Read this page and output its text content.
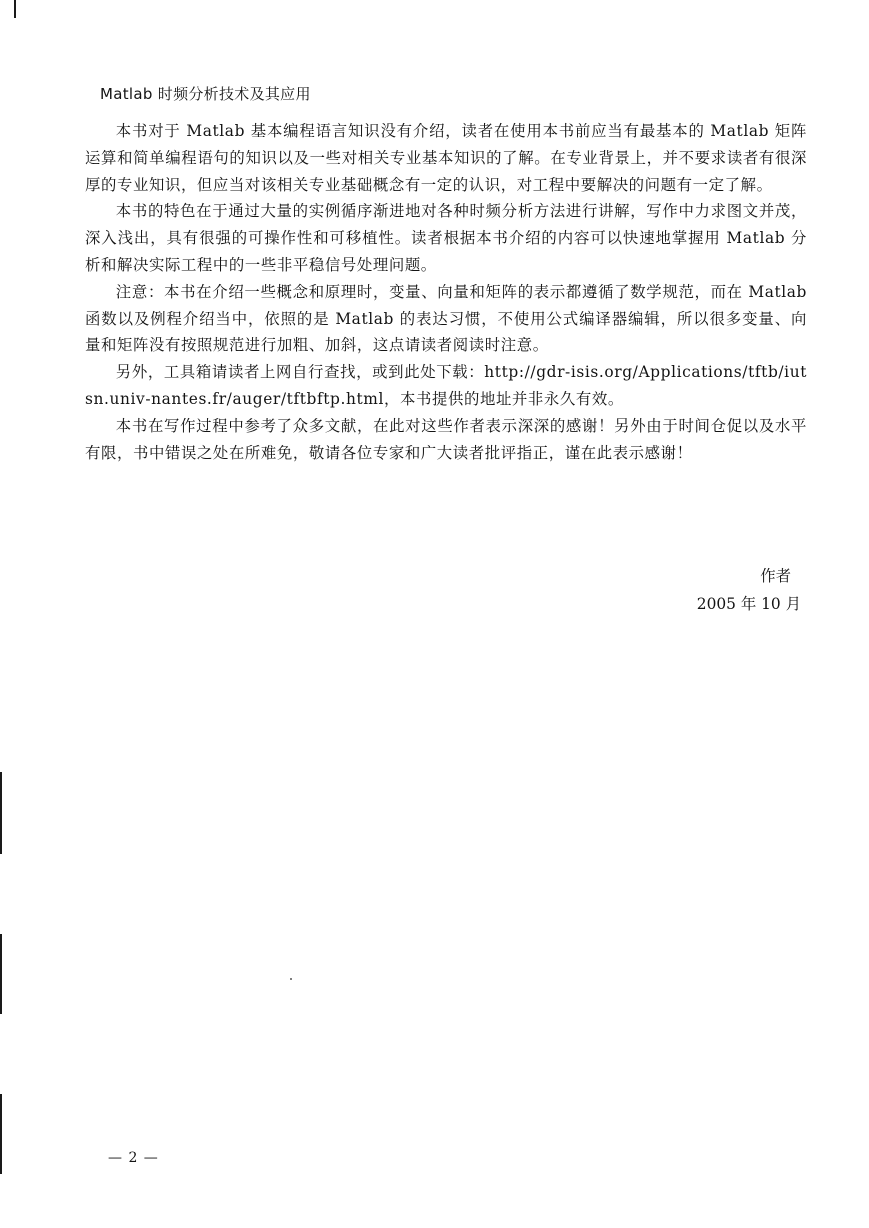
Matlab 时频分析技术及其应用

本书对于 Matlab 基本编程语言知识没有介绍，读者在使用本书前应当有最基本的 Matlab 矩阵运算和简单编程语句的知识以及一些对相关专业基本知识的了解。在专业背景上，并不要求读者有很深厚的专业知识，但应当对该相关专业基础概念有一定的认识，对工程中要解决的问题有一定了解。

本书的特色在于通过大量的实例循序渐进地对各种时频分析方法进行讲解，写作中力求图文并茂，深入浅出，具有很强的可操作性和可移植性。读者根据本书介绍的内容可以快速地掌握用 Matlab 分析和解决实际工程中的一些非平稳信号处理问题。

注意：本书在介绍一些概念和原理时，变量、向量和矩阵的表示都遵循了数学规范，而在 Matlab 函数以及例程介绍当中，依照的是 Matlab 的表达习惯，不使用公式编译器编辑，所以很多变量、向量和矩阵没有按照规范进行加粗、加斜，这点请读者阅读时注意。

另外，工具箱请读者上网自行查找，或到此处下载：http://gdr-isis.org/Applications/tftb/iutsn.univ-nantes.fr/auger/tftbftp.html，本书提供的地址并非永久有效。

本书在写作过程中参考了众多文献，在此对这些作者表示深深的感谢！另外由于时间仓促以及水平有限，书中错误之处在所难免，敬请各位专家和广大读者批评指正，谨在此表示感谢！

作者
2005 年 10 月
— 2 —
